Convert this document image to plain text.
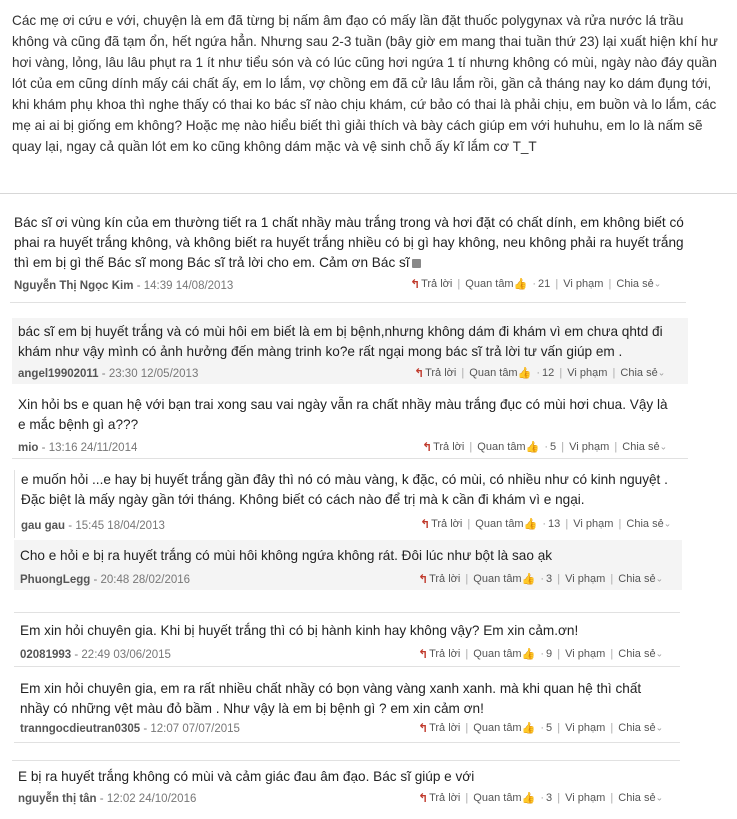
Các mẹ ơi cứu e với, chuyện là em đã từng bị nấm âm đạo có mấy lần đặt thuốc polygynax và rửa nước lá trầu không và cũng đã tạm ổn, hết ngứa hẳn. Nhưng sau 2-3 tuần (bây giờ em mang thai tuần thứ 23) lại xuất hiện khí hư hơi vàng, lỏng, lâu lâu phụt ra 1 ít như tiểu són và có lúc cũng hơi ngứa 1 tí nhưng không có mùi, ngày nào đáy quần lót của em cũng dính mấy cái chất ấy, em lo lắm, vợ chồng em đã cử lâu lắm rồi, gần cả tháng nay ko dám đụng tới, khi khám phụ khoa thì nghe thấy có thai ko bác sĩ nào chịu khám, cứ bảo có thai là phải chịu, em buồn và lo lắm, các mẹ ai ai bị giống em không? Hoặc mẹ nào hiểu biết thì giải thích và bày cách giúp em với huhuhu, em lo là nấm sẽ quay lại, ngay cả quần lót em ko cũng không dám mặc và vệ sinh chỗ ấy kĩ lắm cơ T_T
Bác sĩ ơi vùng kín của em thường tiết ra 1 chất nhầy màu trắng trong và hơi đặt có chất dính, em không biết có phai ra huyết trắng không, và không biết ra huyết trắng nhiều có bị gì hay không, neu không phải ra huyết trắng thì em bị gì thế Bác sĩ mong Bác sĩ trả lời cho em. Cảm ơn Bác sĩ
Nguyễn Thị Ngọc Kim - 14:39 14/08/2013	↰Trả lời | Quan tâm👍 · 21 | Vi phạm | Chia sẻ⌄
bác sĩ em bị huyết trắng và có mùi hôi em biết là em bị bệnh,nhưng không dám đi khám vì em chưa qhtd đi khám như vậy mình có ảnh hưởng đến màng trinh ko?e rất ngại mong bác sĩ trả lời tư vấn giúp em .
angel19902011 - 23:30 12/05/2013	↰Trả lời | Quan tâm👍 · 12 | Vi phạm | Chia sẻ⌄
Xin hỏi bs e quan hệ với bạn trai xong sau vai ngày vẫn ra chất nhầy màu trắng đục có mùi hơi chua. Vậy là e mắc bệnh gì a???
mio - 13:16 24/11/2014	↰Trả lời | Quan tâm👍 · 5 | Vi phạm | Chia sẻ⌄
e muốn hỏi ...e hay bị huyết trắng gần đây thì nó có màu vàng, k đặc, có mùi, có nhiều như có kinh nguyệt . Đặc biệt là mấy ngày gần tới tháng. Không biết có cách nào để trị mà k cần đi khám vì e ngại.
gau gau - 15:45 18/04/2013	↰Trả lời | Quan tâm👍 · 13 | Vi phạm | Chia sẻ⌄
Cho e hỏi e bị ra huyết trắng có mùi hôi không ngứa không rát. Đôi lúc như bột là sao ạk
PhuongLegg - 20:48 28/02/2016	↰Trả lời | Quan tâm👍 · 3 | Vi phạm | Chia sẻ⌄
Em xin hỏi chuyên gia. Khi bị huyết trắng thì có bị hành kinh hay không vậy? Em xin cảm.ơn!
02081993 - 22:49 03/06/2015	↰Trả lời | Quan tâm👍 · 9 | Vi phạm | Chia sẻ⌄
Em xin hỏi chuyên gia, em ra rất nhiều chất nhầy có bọn vàng vàng xanh xanh. mà khi quan hệ thì chất nhầy có những vệt màu đỏ bầm . Như vậy là em bị bệnh gì ? em xin cảm ơn!
tranngocdieutran0305 - 12:07 07/07/2015	↰Trả lời | Quan tâm👍 · 5 | Vi phạm | Chia sẻ⌄
E bị ra huyết trắng không có mùi và cảm giác đau âm đạo. Bác sĩ giúp e với
nguyễn thị tân - 12:02 24/10/2016	↰Trả lời | Quan tâm👍 · 3 | Vi phạm | Chia sẻ⌄
